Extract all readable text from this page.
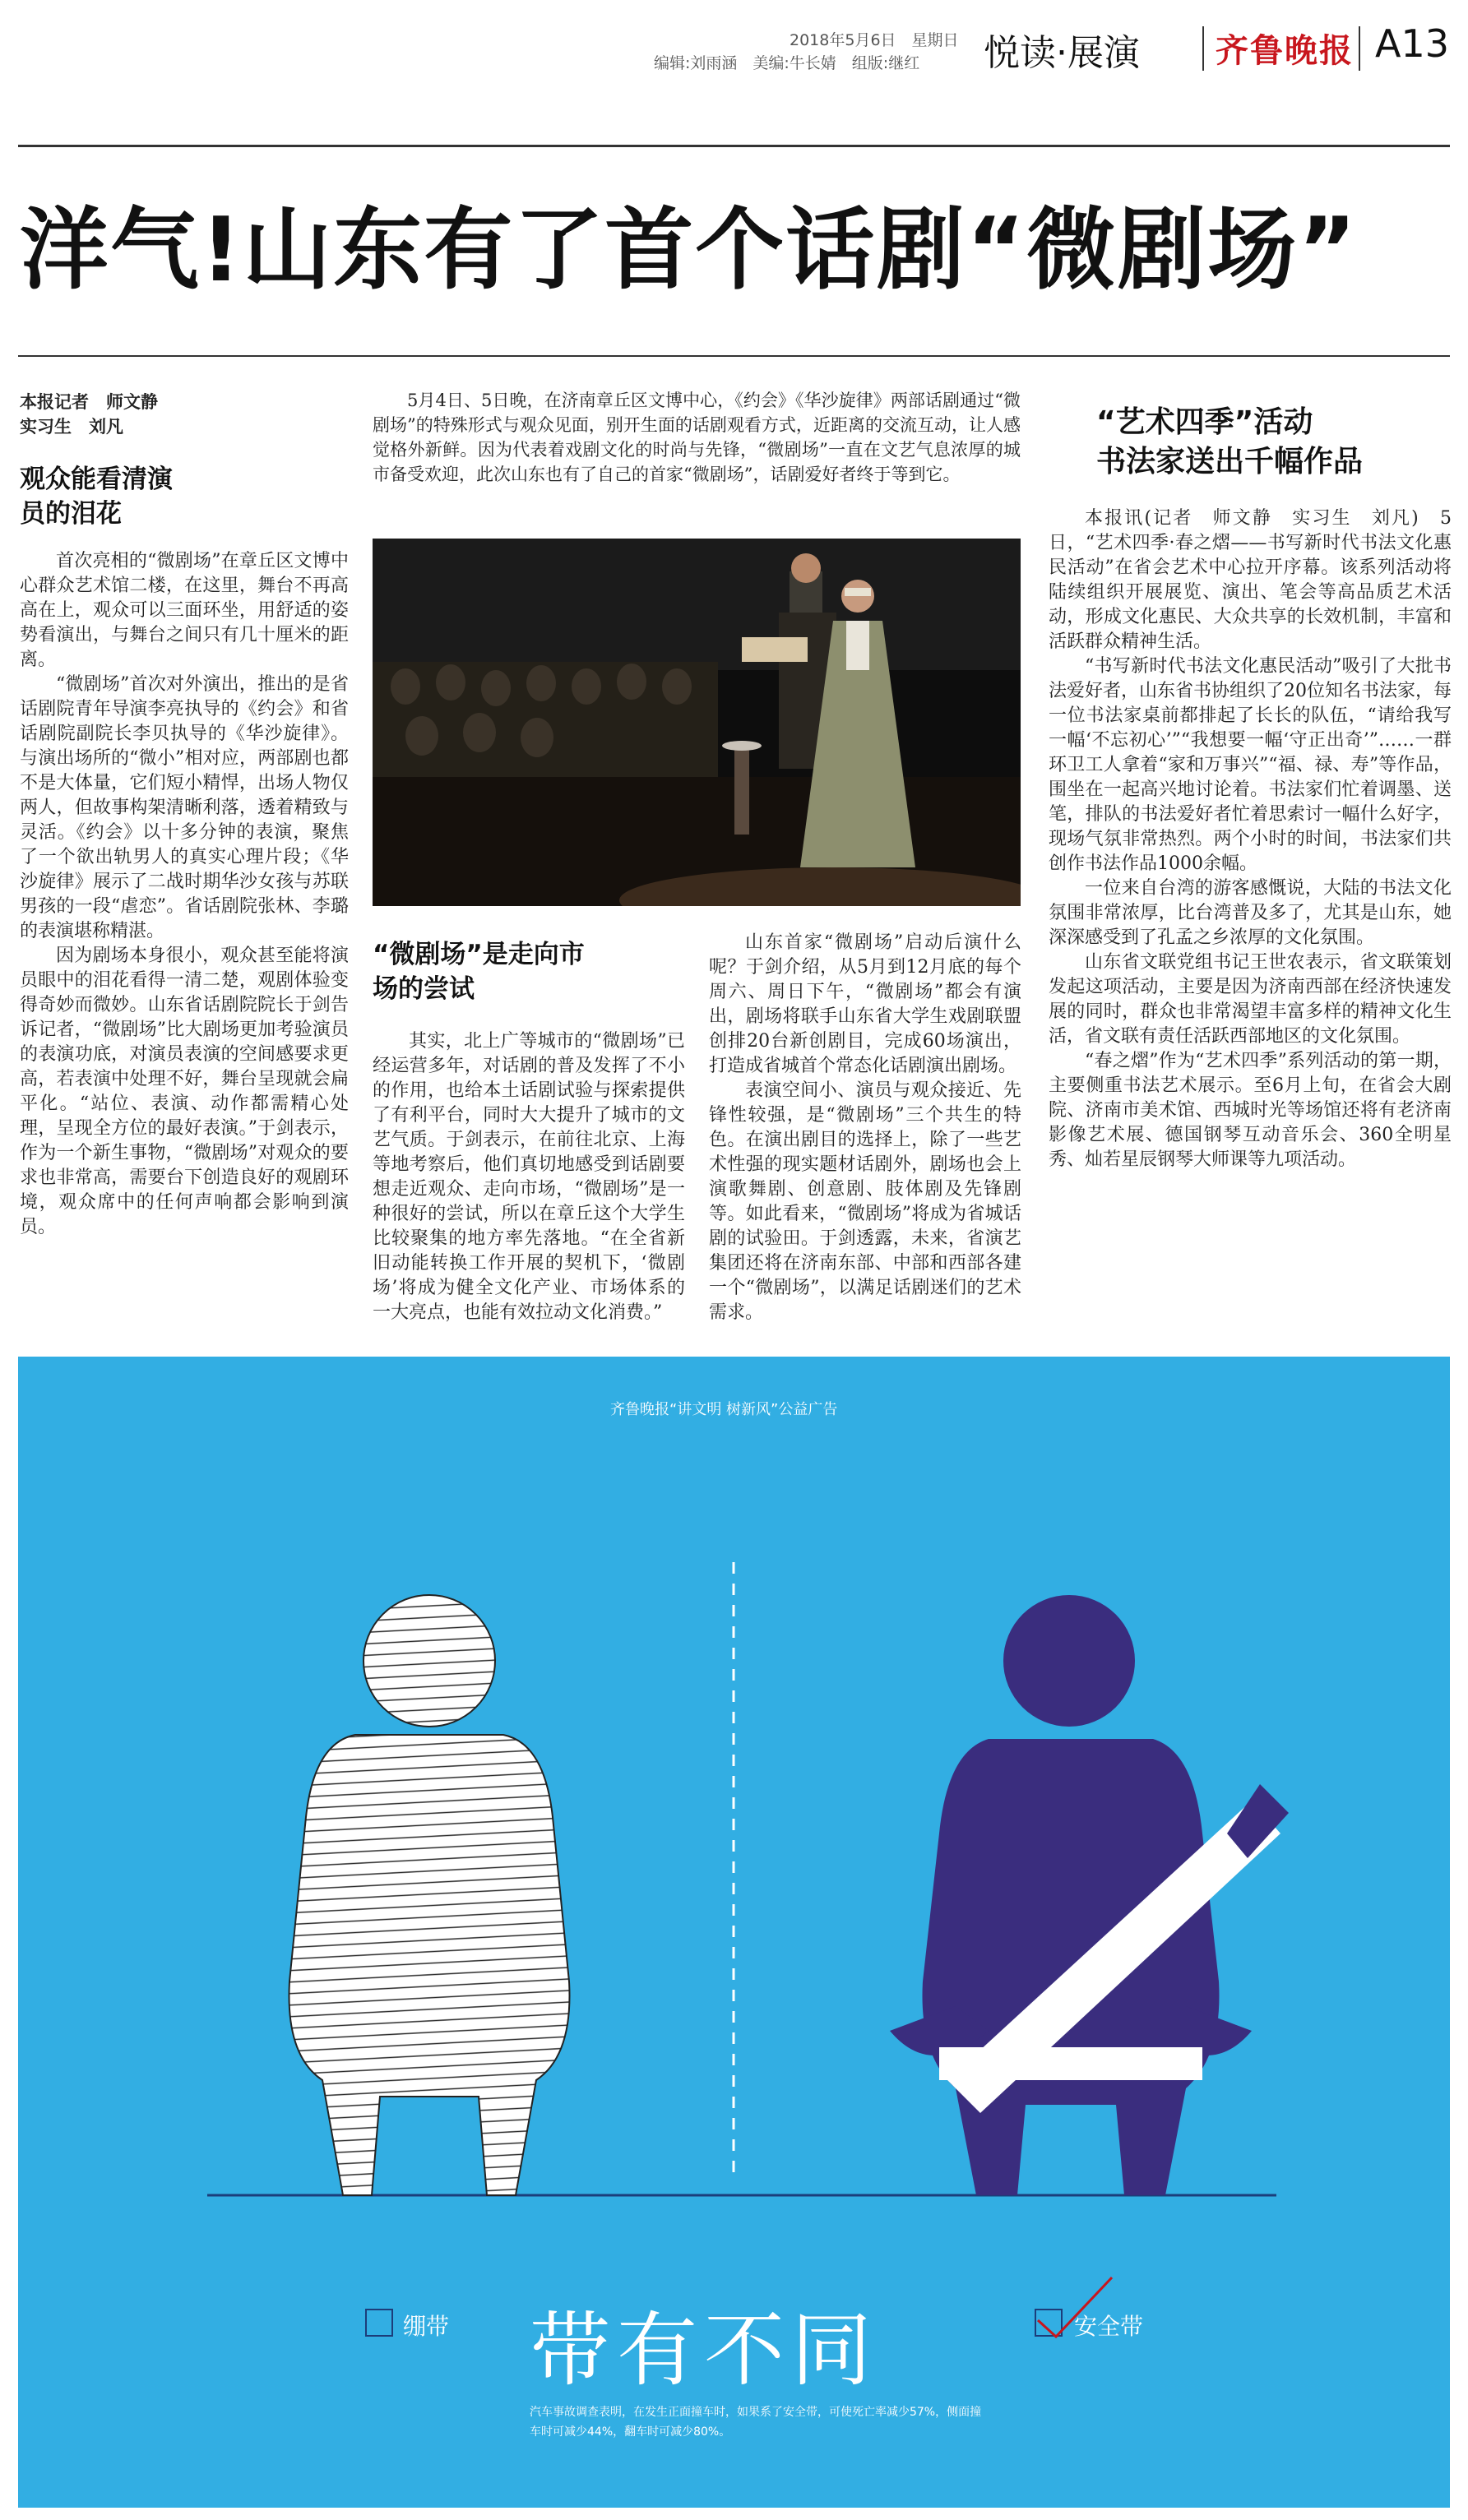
2018年5月6日　星期日
编辑:刘雨涵　美编:牛长婧　组版:继红 悦读·展演 齐鲁晚报 A13
洋气!山东有了首个话剧“微剧场”
本报记者　师文静
实习生　刘凡
观众能看清演员的泪花

首次亮相的“微剧场”在章丘区文博中心群众艺术馆二楼，在这里，舞台不再高高在上，观众可以三面环坐，用舒适的姿势看演出，与舞台之间只有几十厘米的距离。

“微剧场”首次对外演出，推出的是省话剧院青年导演李亮执导的《约会》和省话剧院副院长李贝执导的《华沙旋律》。与演出场所的“微小”相对应，两部剧也都不是大体量，它们短小精悍，出场人物仅两人，但故事构架清晰利落，透着精致与灵活。《约会》以十多分钟的表演，聚焦了一个欲出轨男人的真实心理片段；《华沙旋律》展示了二战时期华沙女孩与苏联男孩的一段“虐恋”。省话剧院张林、李璐的表演堪称精湛。

因为剧场本身很小，观众甚至能将演员眼中的泪花看得一清二楚，观剧体验变得奇妙而微妙。山东省话剧院院长于剑告诉记者，“微剧场”比大剧场更加考验演员的表演功底，对演员表演的空间感要求更高，若表演中处理不好，舞台呈现就会扁平化。“站位、表演、动作都需精心处理，呈现全方位的最好表演。”于剑表示，作为一个新生事物，“微剧场”对观众的要求也非常高，需要台下创造良好的观剧环境，观众席中的任何声响都会影响到演员。

5月4日、5日晚，在济南章丘区文博中心，《约会》《华沙旋律》两部话剧通过“微剧场”的特殊形式与观众见面，别开生面的话剧观看方式，近距离的交流互动，让人感觉格外新鲜。因为代表着戏剧文化的时尚与先锋，“微剧场”一直在文艺气息浓厚的城市备受欢迎，此次山东也有了自己的首家“微剧场”，话剧爱好者终于等到它。

“微剧场”是走向市场的尝试

其实，北上广等城市的“微剧场”已经运营多年，对话剧的普及发挥了不小的作用，也给本土话剧试验与探索提供了有利平台，同时大大提升了城市的文艺气质。于剑表示，在前往北京、上海等地考察后，他们真切地感受到话剧要想走近观众、走向市场，“微剧场”是一种很好的尝试，所以在章丘这个大学生比较聚集的地方率先落地。“在全省新旧动能转换工作开展的契机下，‘微剧场’将成为健全文化产业、市场体系的一大亮点，也能有效拉动文化消费。”

山东首家“微剧场”启动后演什么呢？于剑介绍，从5月到12月底的每个周六、周日下午，“微剧场”都会有演出，剧场将联手山东省大学生戏剧联盟创排20台新创剧目，完成60场演出，打造成省城首个常态化话剧演出剧场。

表演空间小、演员与观众接近、先锋性较强，是“微剧场”三个共生的特色。在演出剧目的选择上，除了一些艺术性强的现实题材话剧外，剧场也会上演歌舞剧、创意剧、肢体剧及先锋剧等。如此看来，“微剧场”将成为省城话剧的试验田。于剑透露，未来，省演艺集团还将在济南东部、中部和西部各建一个“微剧场”，以满足话剧迷们的艺术需求。

“艺术四季”活动
书法家送出千幅作品

本报讯(记者　师文静　实习生　刘凡)　5日，“艺术四季·春之熠——书写新时代书法文化惠民活动”在省会艺术中心拉开序幕。该系列活动将陆续组织开展展览、演出、笔会等高品质艺术活动，形成文化惠民、大众共享的长效机制，丰富和活跃群众精神生活。

“书写新时代书法文化惠民活动”吸引了大批书法爱好者，山东省书协组织了20位知名书法家，每一位书法家桌前都排起了长长的队伍，“请给我写一幅‘不忘初心’”“我想要一幅‘守正出奇’”……一群环卫工人拿着“家和万事兴”“福、禄、寿”等作品，围坐在一起高兴地讨论着。书法家们忙着调墨、送笔，排队的书法爱好者忙着思索讨一幅什么好字，现场气氛非常热烈。两个小时的时间，书法家们共创作书法作品1000余幅。

一位来自台湾的游客感慨说，大陆的书法文化氛围非常浓厚，比台湾普及多了，尤其是山东，她深深感受到了孔孟之乡浓厚的文化氛围。

山东省文联党组书记王世农表示，省文联策划发起这项活动，主要是因为济南西部在经济快速发展的同时，群众也非常渴望丰富多样的精神文化生活，省文联有责任活跃西部地区的文化氛围。

“春之熠”作为“艺术四季”系列活动的第一期，主要侧重书法艺术展示。至6月上旬，在省会大剧院、济南市美术馆、西城时光等场馆还将有老济南影像艺术展、德国钢琴互动音乐会、360全明星秀、灿若星辰钢琴大师课等九项活动。

齐鲁晚报“讲文明 树新风”公益广告
绷带 带有不同	安全带
汽车事故调查表明，在发生正面撞车时，如果系了安全带，可使死亡率减少57%，侧面撞车时可减少44%，翻车时可减少80%。
